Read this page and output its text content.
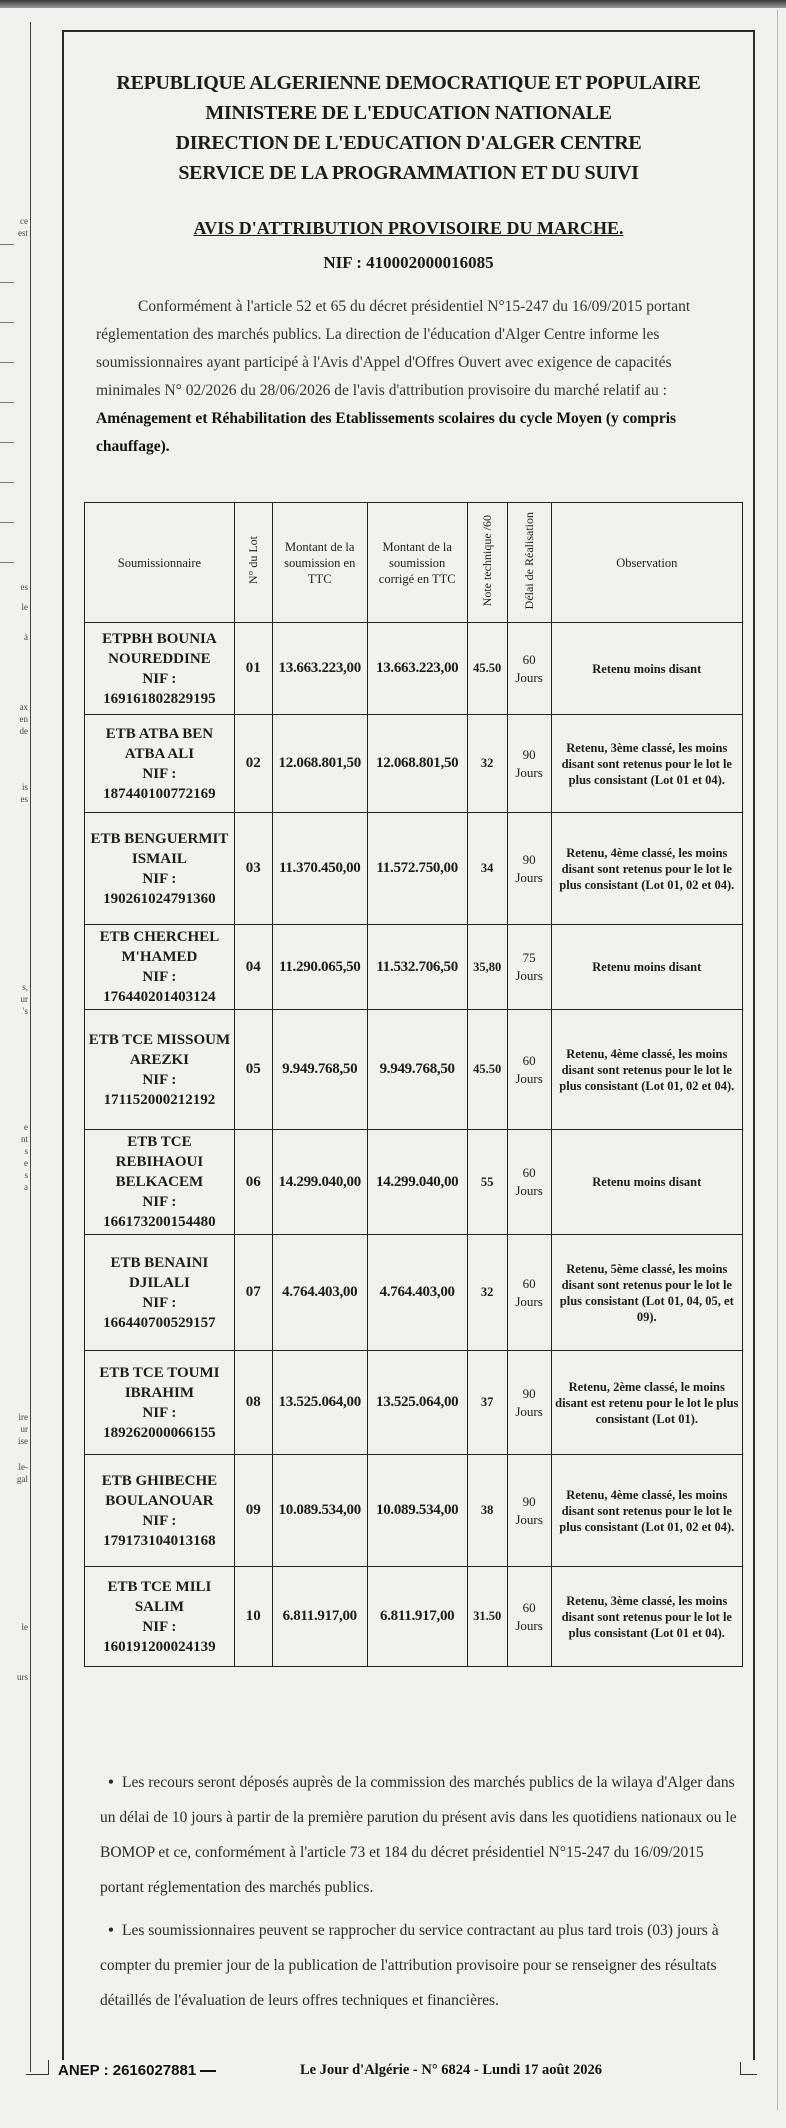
ce
est
es
le
à
ax
en
de
is
es
s,
ur
's
e
nt
s
e
s
a
ire
ur
ise
le-
gal
le
urs
REPUBLIQUE ALGERIENNE DEMOCRATIQUE ET POPULAIRE
MINISTERE DE L'EDUCATION NATIONALE
DIRECTION DE L'EDUCATION D'ALGER CENTRE
SERVICE DE LA PROGRAMMATION ET DU SUIVI
AVIS D'ATTRIBUTION PROVISOIRE DU MARCHE.
NIF : 410002000016085
Conformément à l'article 52 et 65 du décret présidentiel N°15-247 du 16/09/2015 portant réglementation des marchés publics. La direction de l'éducation d'Alger Centre informe les soumissionnaires ayant participé à l'Avis d'Appel d'Offres Ouvert avec exigence de capacités minimales N° 02/2026 du 28/06/2026 de l'avis d'attribution provisoire du marché relatif au : Aménagement et Réhabilitation des Etablissements scolaires du cycle Moyen (y compris chauffage).
Soumissionnaire	N° du Lot	Montant de la soumission en TTC	Montant de la soumission corrigé en TTC	Note technique /60	Délai de Réalisation	Observation

ETPBH BOUNIA NOUREDDINE
NIF : 169161802829195	01	13.663.223,00	13.663.223,00	45.50	60 Jours	Retenu moins disant

ETB ATBA BEN ATBA ALI
NIF : 187440100772169	02	12.068.801,50	12.068.801,50	32	90 Jours	Retenu, 3ème classé, les moins disant sont retenus pour le lot le plus consistant (Lot 01 et 04).

ETB BENGUERMIT ISMAIL
NIF : 190261024791360	03	11.370.450,00	11.572.750,00	34	90 Jours	Retenu, 4ème classé, les moins disant sont retenus pour le lot le plus consistant (Lot 01, 02 et 04).

ETB CHERCHEL M'HAMED
NIF : 176440201403124	04	11.290.065,50	11.532.706,50	35,80	75 Jours	Retenu moins disant

ETB TCE MISSOUM AREZKI
NIF : 171152000212192	05	9.949.768,50	9.949.768,50	45.50	60 Jours	Retenu, 4ème classé, les moins disant sont retenus pour le lot le plus consistant (Lot 01, 02 et 04).

ETB TCE REBIHAOUI BELKACEM
NIF : 166173200154480	06	14.299.040,00	14.299.040,00	55	60 Jours	Retenu moins disant

ETB BENAINI DJILALI
NIF : 166440700529157	07	4.764.403,00	4.764.403,00	32	60 Jours	Retenu, 5ème classé, les moins disant sont retenus pour le lot le plus consistant (Lot 01, 04, 05, et 09).

ETB TCE TOUMI IBRAHIM
NIF : 189262000066155	08	13.525.064,00	13.525.064,00	37	90 Jours	Retenu, 2ème classé, le moins disant est retenu pour le lot le plus consistant (Lot 01).

ETB GHIBECHE BOULANOUAR
NIF : 179173104013168	09	10.089.534,00	10.089.534,00	38	90 Jours	Retenu, 4ème classé, les moins disant sont retenus pour le lot le plus consistant (Lot 01, 02 et 04).

ETB TCE MILI SALIM
NIF : 160191200024139	10	6.811.917,00	6.811.917,00	31.50	60 Jours	Retenu, 3ème classé, les moins disant sont retenus pour le lot le plus consistant (Lot 01 et 04).

• Les recours seront déposés auprès de la commission des marchés publics de la wilaya d'Alger dans un délai de 10 jours à partir de la première parution du présent avis dans les quotidiens nationaux ou le BOMOP et ce, conformément à l'article 73 et 184 du décret présidentiel N°15-247 du 16/09/2015 portant réglementation des marchés publics.

• Les soumissionnaires peuvent se rapprocher du service contractant au plus tard trois (03) jours à compter du premier jour de la publication de l'attribution provisoire pour se renseigner des résultats détaillés de l'évaluation de leurs offres techniques et financières.

ANEP : 2616027881	Le Jour d'Algérie - N° 6824 - Lundi 17 août 2026
